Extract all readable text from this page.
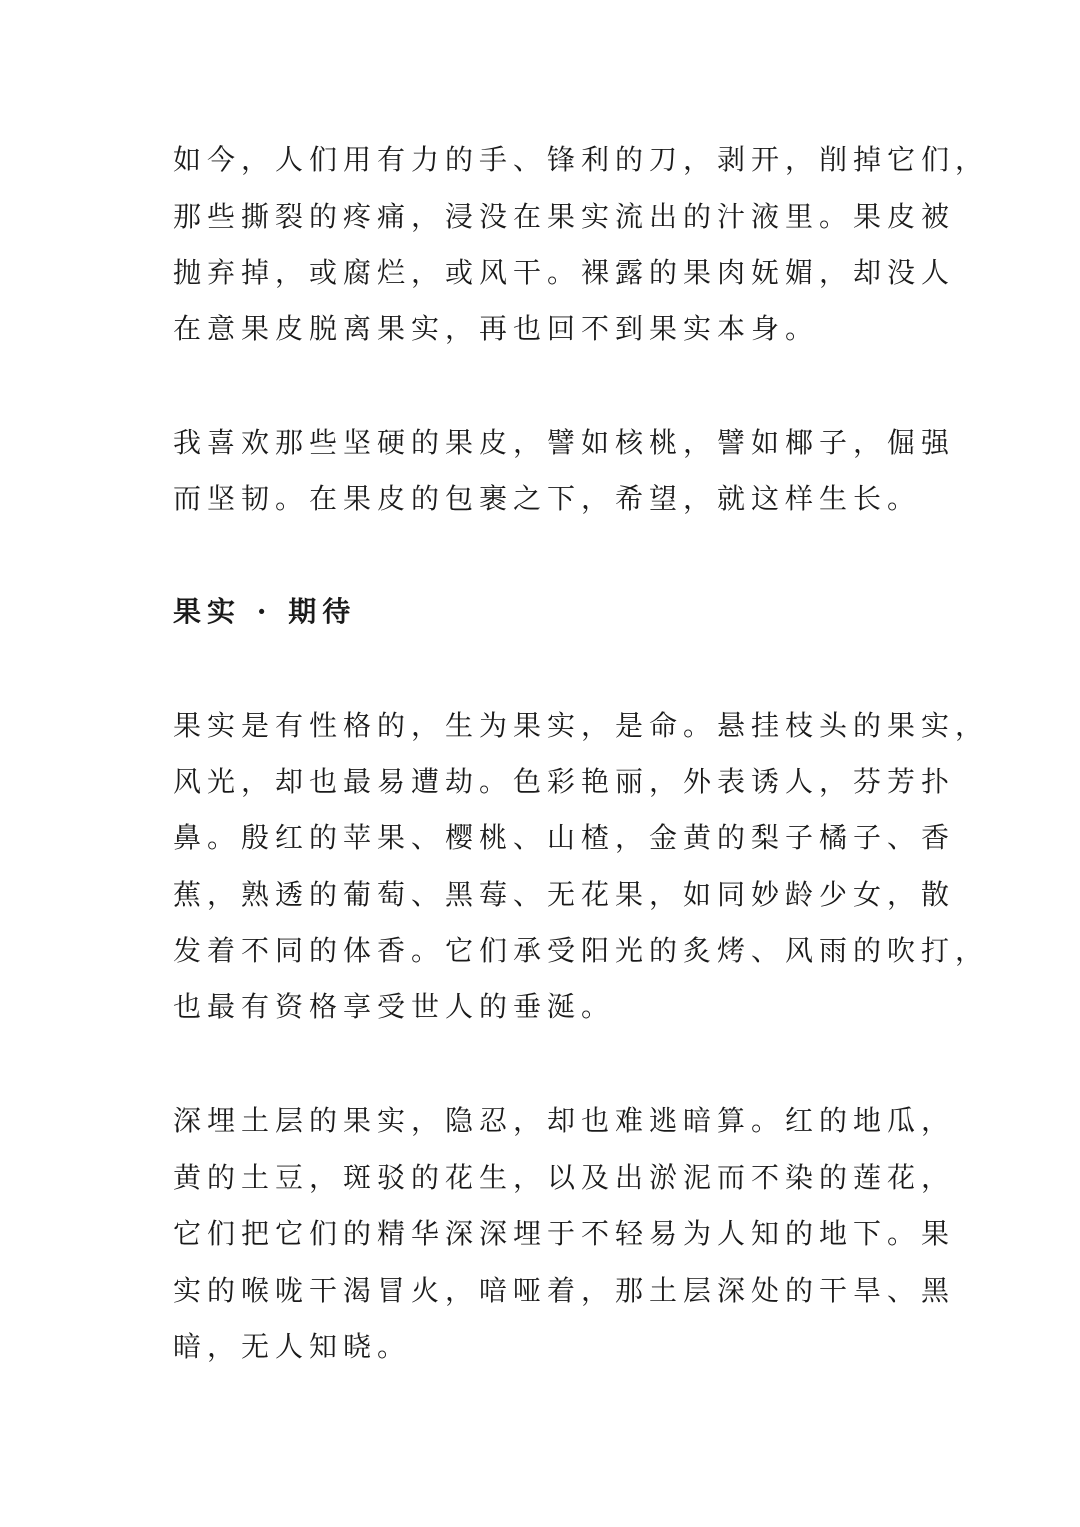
如今，人们用有力的手、锋利的刀，剥开，削掉它们，
那些撕裂的疼痛，浸没在果实流出的汁液里。果皮被
抛弃掉，或腐烂，或风干。裸露的果肉妩媚，却没人
在意果皮脱离果实，再也回不到果实本身。
我喜欢那些坚硬的果皮，譬如核桃，譬如椰子，倔强
而坚韧。在果皮的包裹之下，希望，就这样生长。
果实 · 期待
果实是有性格的，生为果实，是命。悬挂枝头的果实，
风光，却也最易遭劫。色彩艳丽，外表诱人，芬芳扑
鼻。殷红的苹果、樱桃、山楂，金黄的梨子橘子、香
蕉，熟透的葡萄、黑莓、无花果，如同妙龄少女，散
发着不同的体香。它们承受阳光的炙烤、风雨的吹打，
也最有资格享受世人的垂涎。
深埋土层的果实，隐忍，却也难逃暗算。红的地瓜，
黄的土豆，斑驳的花生，以及出淤泥而不染的莲花，
它们把它们的精华深深埋于不轻易为人知的地下。果
实的喉咙干渴冒火，喑哑着，那土层深处的干旱、黑
暗，无人知晓。
